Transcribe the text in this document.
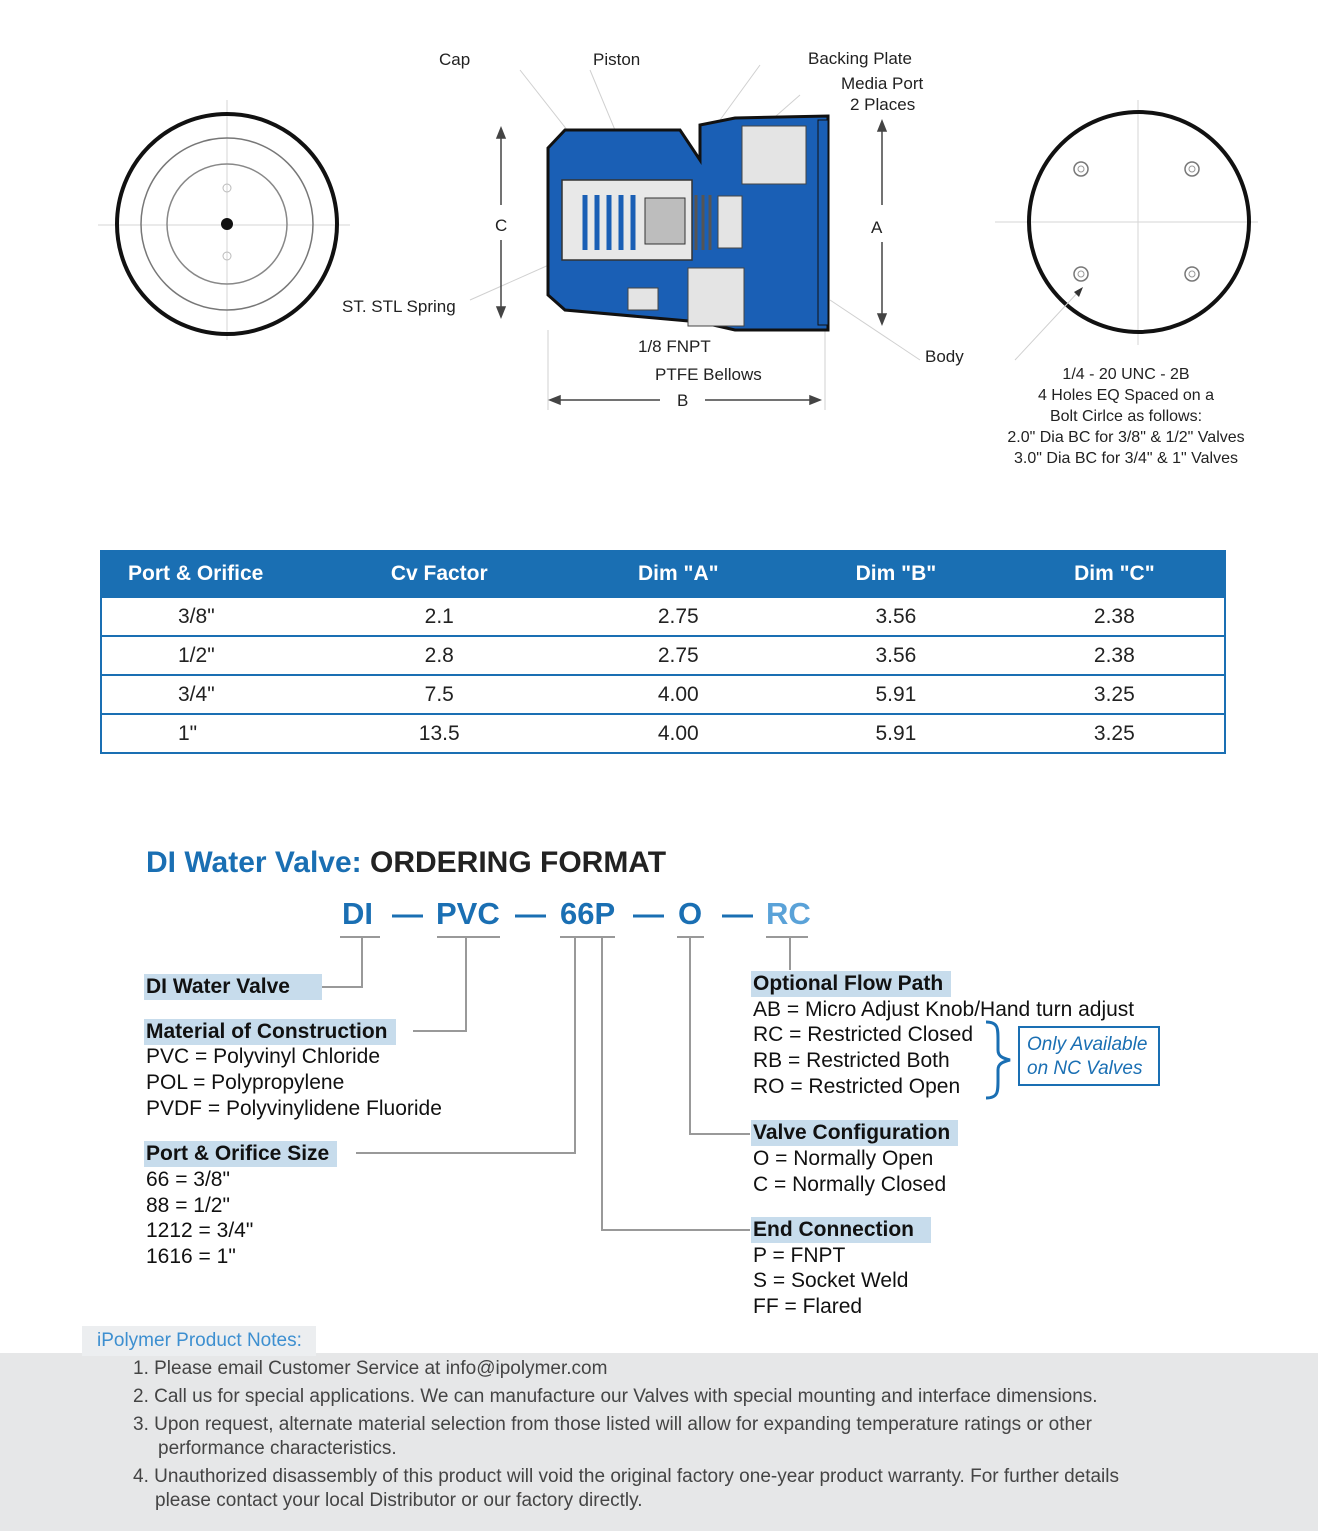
Cap	Piston	Backing Plate
Media Port
2 Places
C	A
ST. STL Spring
1/8 FNPT
Body
PTFE Bellows
B
1/4 - 20 UNC - 2B
4 Holes EQ Spaced on a
Bolt Cirlce as follows:
2.0" Dia BC for 3/8" & 1/2" Valves
3.0" Dia BC for 3/4" & 1" Valves
Port & Orifice	Cv Factor	Dim "A"	Dim "B"	Dim "C"
3/8"	2.1	2.75	3.56	2.38
1/2"	2.8	2.75	3.56	2.38
3/4"	7.5	4.00	5.91	3.25
1"	13.5	4.00	5.91	3.25
DI Water Valve: ORDERING FORMAT
DI — PVC — 66P — O — RC
DI Water Valve
Material of Construction
PVC = Polyvinyl Chloride
POL = Polypropylene
PVDF = Polyvinylidene Fluoride
Port & Orifice Size
66 = 3/8"
88 = 1/2"
1212 = 3/4"
1616 = 1"
Optional Flow Path
AB = Micro Adjust Knob/Hand turn adjust
RC = Restricted Closed
RB = Restricted Both
RO = Restricted Open
Only Available
on NC Valves
Valve Configuration
O = Normally Open
C = Normally Closed
End Connection
P = FNPT
S = Socket Weld
FF = Flared
iPolymer Product Notes:
1. Please email Customer Service at info@ipolymer.com
2. Call us for special applications. We can manufacture our Valves with special mounting and interface dimensions.
3. Upon request, alternate material selection from those listed will allow for expanding temperature ratings or other performance characteristics.
4. Unauthorized disassembly of this product will void the original factory one-year product warranty. For further details please contact your local Distributor or our factory directly.
